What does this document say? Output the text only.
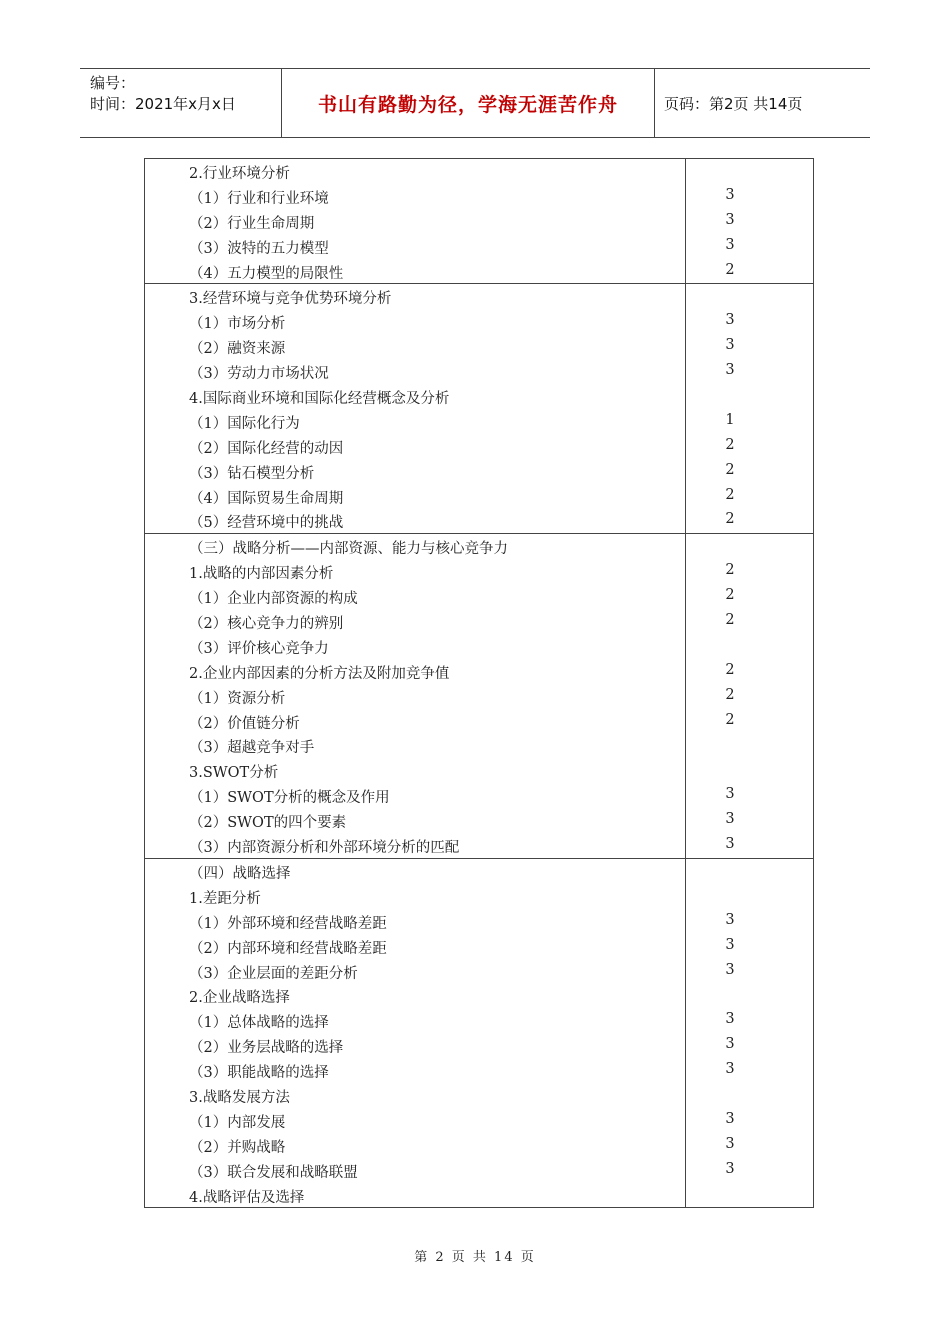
编号：
时间：2021年x月x日	书山有路勤为径，学海无涯苦作舟	页码：第2页 共14页
2.行业环境分析
（1）行业和行业环境	3
（2）行业生命周期	3
（3）波特的五力模型	3
（4）五力模型的局限性	2
3.经营环境与竞争优势环境分析
（1）市场分析	3
（2）融资来源	3
（3）劳动力市场状况	3
4.国际商业环境和国际化经营概念及分析
（1）国际化行为	1
（2）国际化经营的动因	2
（3）钻石模型分析	2
（4）国际贸易生命周期	2
（5）经营环境中的挑战	2
（三）战略分析——内部资源、能力与核心竞争力
1.战略的内部因素分析	2
（1）企业内部资源的构成	2
（2）核心竞争力的辨别	2
（3）评价核心竞争力
2.企业内部因素的分析方法及附加竞争值	2
（1）资源分析	2
（2）价值链分析	2
（3）超越竞争对手
3.SWOT分析
（1）SWOT分析的概念及作用	3
（2）SWOT的四个要素	3
（3）内部资源分析和外部环境分析的匹配	3
（四）战略选择
1.差距分析
（1）外部环境和经营战略差距	3
（2）内部环境和经营战略差距	3
（3）企业层面的差距分析	3
2.企业战略选择
（1）总体战略的选择	3
（2）业务层战略的选择	3
（3）职能战略的选择	3
3.战略发展方法
（1）内部发展	3
（2）并购战略	3
（3）联合发展和战略联盟	3
4.战略评估及选择
第 2 页 共 14 页
